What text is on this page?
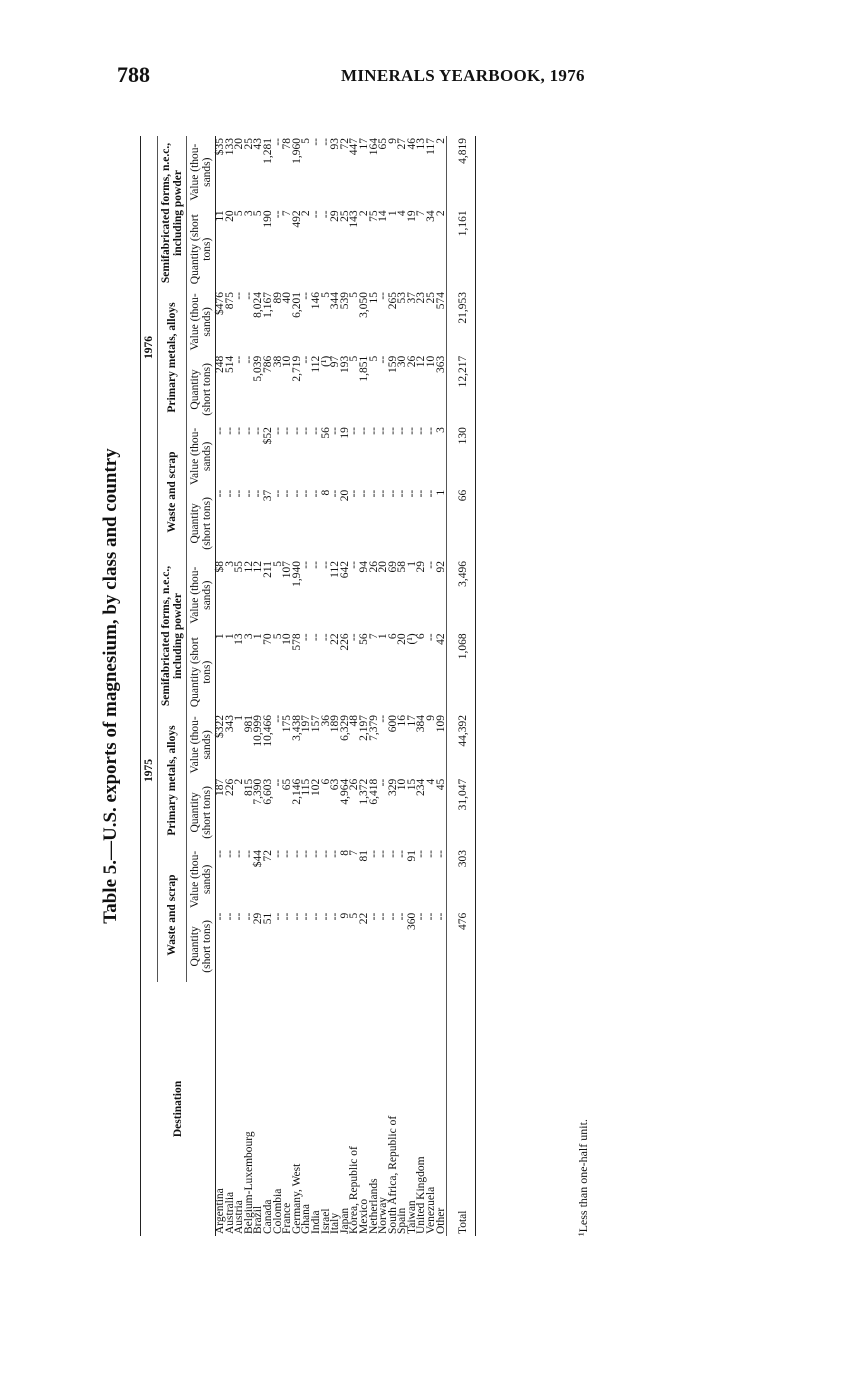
788	MINERALS YEARBOOK, 1976
Table 5.—U.S. exports of magnesium, by class and country
Destination	1975						1976					
	Waste and scrap		Primary metals, alloys		Semifabricated forms, n.e.c., including powder		Waste and scrap		Primary metals, alloys		Semifabricated forms, n.e.c., including powder	
	Quantity (short tons)	Value (thou- sands)	Quantity (short tons)	Value (thou- sands)	Quantity (short tons)	Value (thou- sands)	Quantity (short tons)	Value (thou- sands)	Quantity (short tons)	Value (thou- sands)	Quantity (short tons)	Value (thou- sands)
Argentina	--	--	187	$322	1	$8	--	--	248	$476	11	$35
Australia	--	--	226	343	1	3	--	--	514	875	20	133
Austria	--	--	2	1	13	55	--	--	--	--	5	20
Belgium-Luxembourg	--	--	815	981	3	12	--	--	--	--	3	25
Brazil	29	$44	7,390	10,999	1	12	--	--	5,039	8,024	5	43
Canada	51	72	6,603	10,466	70	211	37	$52	786	1,167	190	1,281
Colombia	--	--	--	--	5	5	--	--	38	89	--	--
France	--	--	65	175	10	107	--	--	10	40	7	78
Germany, West	--	--	2,146	3,438	578	1,940	--	--	2,719	6,201	492	1,960
Ghana	--	--	115	197	--	--	--	--	--	--	2	5
India	--	--	102	157	--	--	--	--	112	146	--	--
Israel	--	--	6	36	--	--	8	56	(¹)	5	--	--
Italy	--	--	63	189	22	112	--	--	97	344	29	93
Japan	9	8	4,964	6,329	226	642	20	19	193	539	25	72
Korea, Republic of	5	7	26	48	--	--	--	--	5	5	143	447
Mexico	22	81	1,372	2,197	56	94	--	--	1,851	3,050	2	17
Netherlands	--	--	6,418	7,379	7	26	--	--	5	15	75	164
Norway	--	--	--	--	1	20	--	--	--	--	14	65
South Africa, Republic of	--	--	329	600	6	69	--	--	159	265	1	9
Spain	--	--	10	16	20	58	--	--	30	53	4	27
Taiwan	360	91	15	17	(¹)	1	--	--	26	37	19	46
United Kingdom	--	--	234	384	6	29	--	--	12	23	7	13
Venezuela	--	--	4	9	--	--	--	--	10	25	34	117
Other	--	--	45	109	42	92	1	3	363	574	2	2
Total	476	303	31,047	44,392	1,068	3,496	66	130	12,217	21,953	1,161	4,819

¹Less than one-half unit.
